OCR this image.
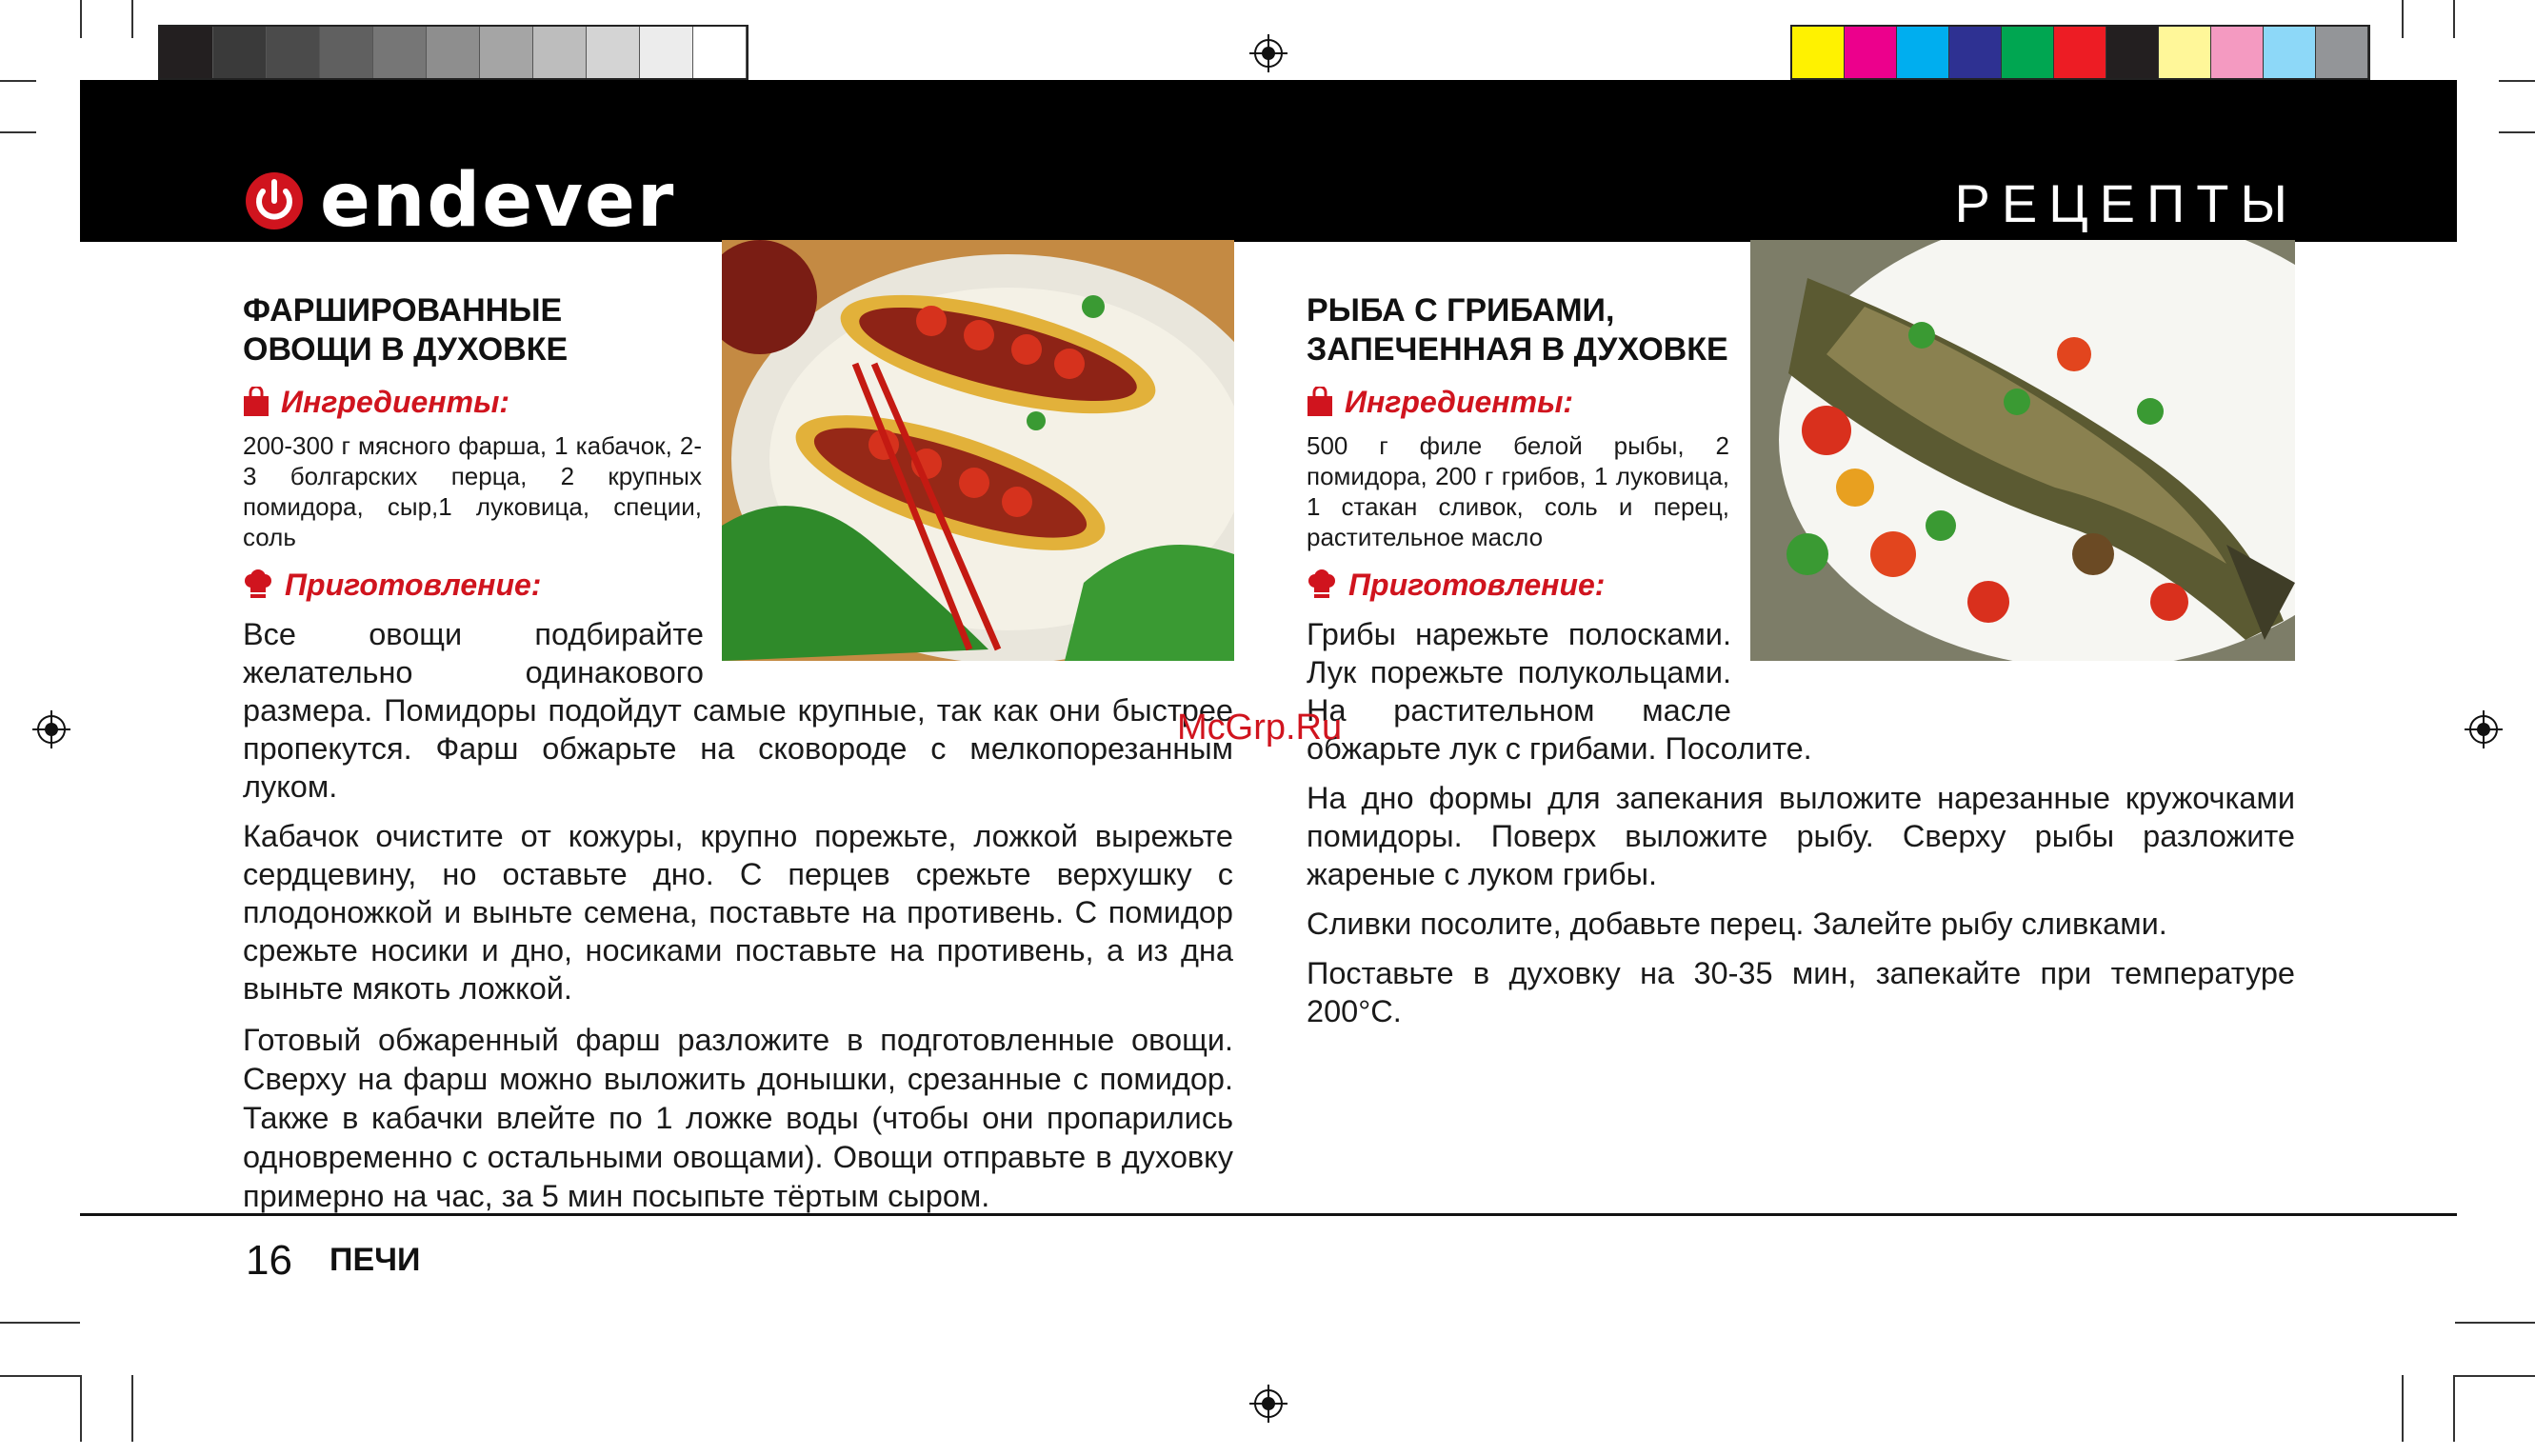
endever	РЕЦЕПТЫ

ФАРШИРОВАННЫЕ
ОВОЩИ В ДУХОВКЕ

Ингредиенты:

200-300 г мясного фарша, 1 кабачок, 2-3 болгарских перца, 2 крупных помидора, сыр,1 луковица, специи, соль

Приготовление:

Все овощи подбирайте желательно одинакового размера. Помидоры подойдут самые крупные, так как они быстрее пропекутся. Фарш обжарьте на сковороде с мелкопорезанным луком.

Кабачок очистите от кожуры, крупно порежьте, ложкой вырежьте сердцевину, но оставьте дно. С перцев срежьте верхушку с плодоножкой и выньте семена, поставьте на противень. С помидор срежьте носики и дно, носиками поставьте на противень, а из дна выньте мякоть ложкой.

Готовый обжаренный фарш разложите в подготовленные овощи. Сверху на фарш можно выложить донышки, срезанные с помидор. Также в кабачки влейте по 1 ложке воды (чтобы они пропарились одновременно с остальными овощами). Овощи отправьте в духовку примерно на час, за 5 мин посыпьте тёртым сыром.

РЫБА С ГРИБАМИ,
ЗАПЕЧЕННАЯ В ДУХОВКЕ

Ингредиенты:

500 г филе белой рыбы, 2 помидора, 200 г грибов, 1 луковица, 1 стакан сливок, соль и перец, растительное масло

Приготовление:

Грибы нарежьте полосками. Лук порежьте полукольцами. На растительном масле обжарьте лук с грибами. Посолите.

На дно формы для запекания выложите нарезанные кружочками помидоры. Поверх выложите рыбу. Сверху рыбы разложите жареные с луком грибы.

Сливки посолите, добавьте перец. Залейте рыбу сливками.

Поставьте в духовку на 30-35 мин, запекайте при температуре 200°C.

McGrp.Ru
16 ПЕЧИ
